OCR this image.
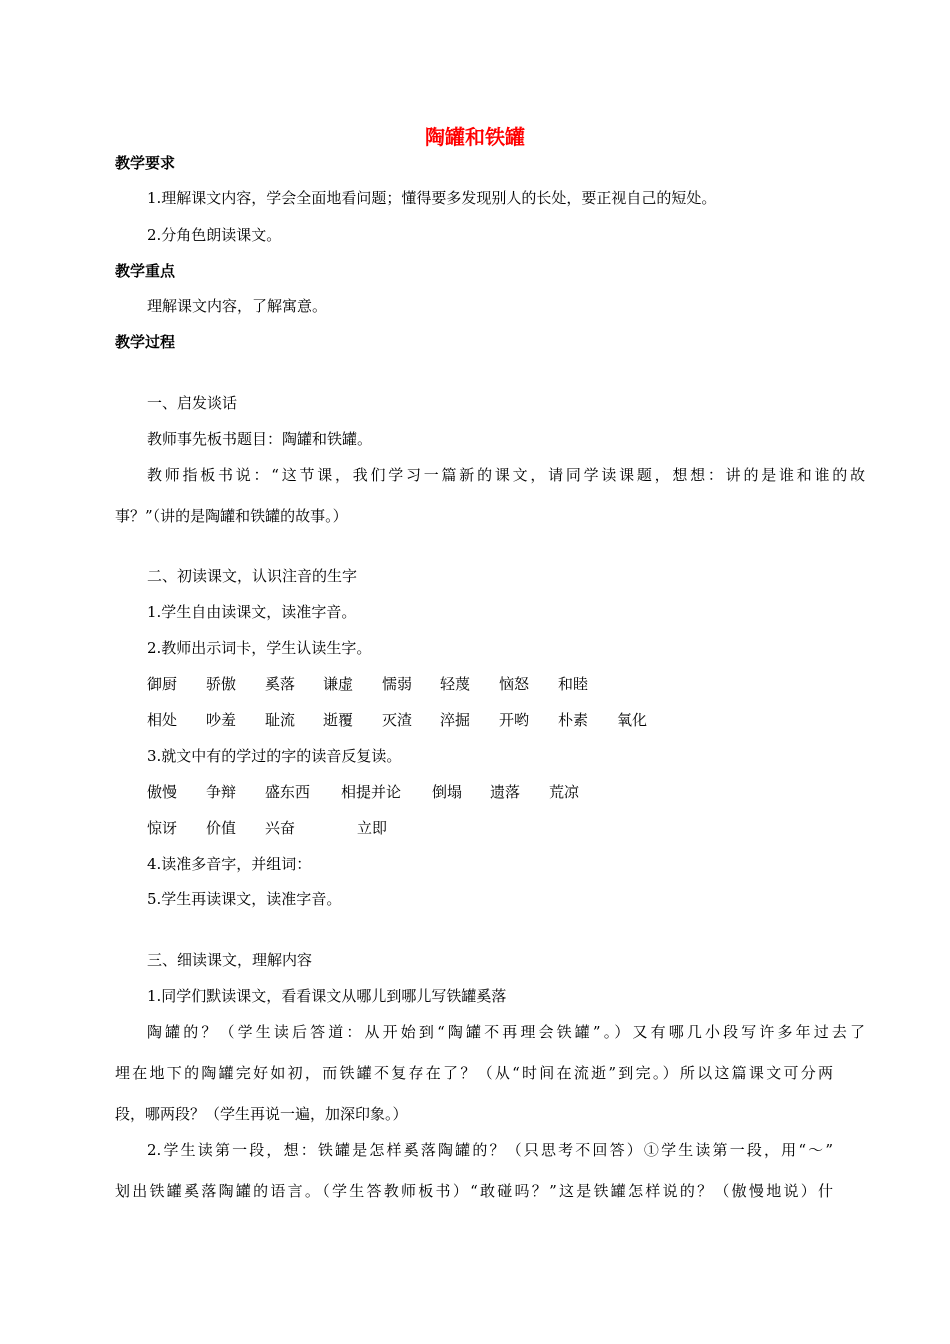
陶罐和铁罐
教学要求
1.理解课文内容，学会全面地看问题；懂得要多发现别人的长处，要正视自己的短处。
2.分角色朗读课文。
教学重点
理解课文内容，了解寓意。
教学过程
一、启发谈话
教师事先板书题目：陶罐和铁罐。
教师指板书说：“这节课，我们学习一篇新的课文，请同学读课题，想想：讲的是谁和谁的故
事？”（讲的是陶罐和铁罐的故事。）
二、初读课文，认识注音的生字
1.学生自由读课文，读准字音。
2.教师出示词卡，学生认读生字。
御厨 骄傲 奚落 谦虚 懦弱 轻蔑 恼怒 和睦
相处 吵羞 耻流 逝覆 灭渣 淬掘 开哟 朴素 氧化
3.就文中有的学过的字的读音反复读。
傲慢 争辩 盛东西 相提并论 倒塌 遗落 荒凉
惊讶 价值 兴奋	立即
4.读准多音字，并组词：
5.学生再读课文，读准字音。
三、细读课文，理解内容
1.同学们默读课文，看看课文从哪儿到哪儿写铁罐奚落
陶罐的？（学生读后答道：从开始到“陶罐不再理会铁罐”。）又有哪几小段写许多年过去了
埋在地下的陶罐完好如初，而铁罐不复存在了？（从“时间在流逝”到完。）所以这篇课文可分两
段，哪两段？（学生再说一遍，加深印象。）
2.学生读第一段，想：铁罐是怎样奚落陶罐的？（只思考不回答）①学生读第一段，用“～”
划出铁罐奚落陶罐的语言。（学生答教师板书）“敢碰吗？”这是铁罐怎样说的？（傲慢地说）什
